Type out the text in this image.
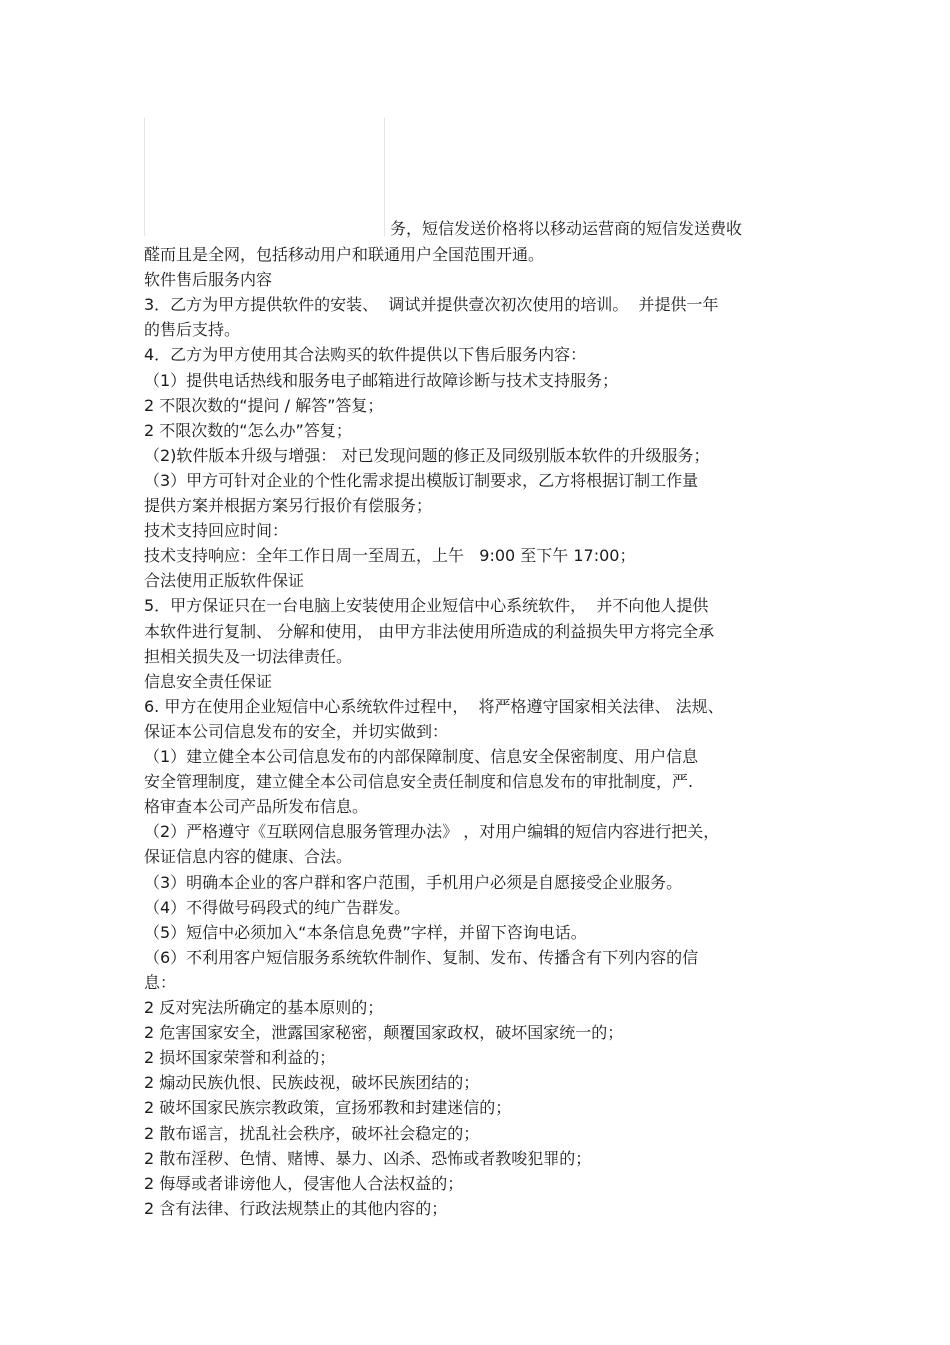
务，短信发送价格将以移动运营商的短信发送费收
醛而且是全网，包括移动用户和联通用户全国范围开通。
软件售后服务内容
3．乙方为甲方提供软件的安装、  调试并提供壹次初次使用的培训。  并提供一年
的售后支持。
4．乙方为甲方使用其合法购买的软件提供以下售后服务内容：
（1）提供电话热线和服务电子邮箱进行故障诊断与技术支持服务；
2 不限次数的“提问 / 解答”答复；
2 不限次数的“怎么办”答复；
（2)软件版本升级与增强： 对已发现问题的修正及同级别版本软件的升级服务；
（3）甲方可针对企业的个性化需求提出模版订制要求，乙方将根据订制工作量
提供方案并根据方案另行报价有偿服务；
技术支持回应时间：
技术支持响应：全年工作日周一至周五，上午   9:00 至下午 17:00；
合法使用正版软件保证
5．甲方保证只在一台电脑上安装使用企业短信中心系统软件，  并不向他人提供
本软件进行复制、 分解和使用， 由甲方非法使用所造成的利益损失甲方将完全承
担相关损失及一切法律责任。
信息安全责任保证
6. 甲方在使用企业短信中心系统软件过程中，  将严格遵守国家相关法律、 法规、
保证本公司信息发布的安全，并切实做到：
（1）建立健全本公司信息发布的内部保障制度、信息安全保密制度、用户信息
安全管理制度，建立健全本公司信息安全责任制度和信息发布的审批制度，严.
格审查本公司产品所发布信息。
（2）严格遵守《互联网信息服务管理办法》 ，对用户编辑的短信内容进行把关，
保证信息内容的健康、合法。
（3）明确本企业的客户群和客户范围，手机用户必须是自愿接受企业服务。
（4）不得做号码段式的纯广告群发。
（5）短信中必须加入“本条信息免费”字样，并留下咨询电话。
（6）不利用客户短信服务系统软件制作、复制、发布、传播含有下列内容的信
息：
2 反对宪法所确定的基本原则的；
2 危害国家安全，泄露国家秘密，颠覆国家政权，破坏国家统一的；
2 损坏国家荣誉和利益的；
2 煽动民族仇恨、民族歧视，破坏民族团结的；
2 破坏国家民族宗教政策，宣扬邪教和封建迷信的；
2 散布谣言，扰乱社会秩序，破坏社会稳定的；
2 散布淫秽、色情、赌博、暴力、凶杀、恐怖或者教唆犯罪的；
2 侮辱或者诽谤他人，侵害他人合法权益的；
2 含有法律、行政法规禁止的其他内容的；
